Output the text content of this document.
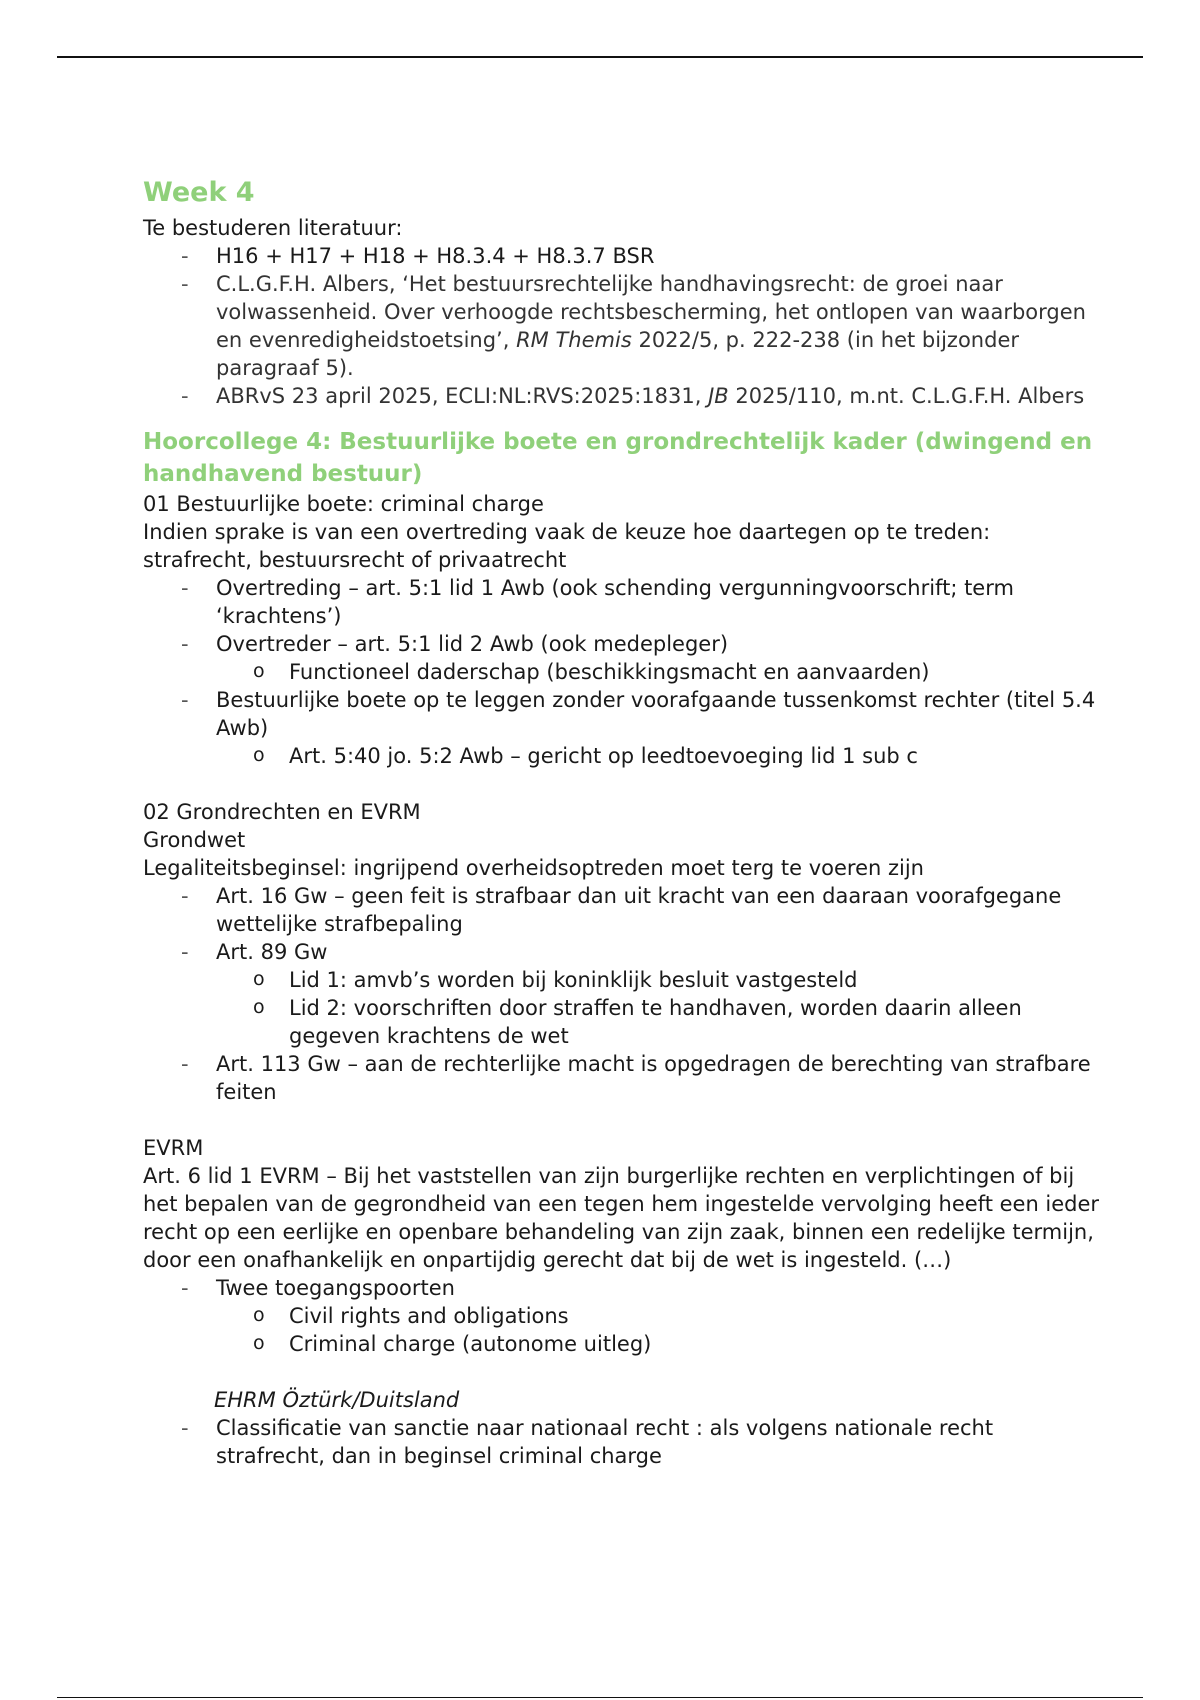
Week 4
Te bestuderen literatuur:
- H16 + H17 + H18 + H8.3.4 + H8.3.7 BSR
- C.L.G.F.H. Albers, ‘Het bestuursrechtelijke handhavingsrecht: de groei naar volwassenheid. Over verhoogde rechtsbescherming, het ontlopen van waarborgen en evenredigheidstoetsing’, RM Themis 2022/5, p. 222-238 (in het bijzonder paragraaf 5).
- ABRvS 23 april 2025, ECLI:NL:RVS:2025:1831, JB 2025/110, m.nt. C.L.G.F.H. Albers
Hoorcollege 4: Bestuurlijke boete en grondrechtelijk kader (dwingend en handhavend bestuur)
01 Bestuurlijke boete: criminal charge
Indien sprake is van een overtreding vaak de keuze hoe daartegen op te treden: strafrecht, bestuursrecht of privaatrecht
- Overtreding – art. 5:1 lid 1 Awb (ook schending vergunningvoorschrift; term ‘krachtens’)
- Overtreder – art. 5:1 lid 2 Awb (ook medepleger)
o Functioneel daderschap (beschikkingsmacht en aanvaarden)
- Bestuurlijke boete op te leggen zonder voorafgaande tussenkomst rechter (titel 5.4 Awb)
o Art. 5:40 jo. 5:2 Awb – gericht op leedtoevoeging lid 1 sub c
02 Grondrechten en EVRM
Grondwet
Legaliteitsbeginsel: ingrijpend overheidsoptreden moet terg te voeren zijn
- Art. 16 Gw – geen feit is strafbaar dan uit kracht van een daaraan voorafgegane wettelijke strafbepaling
- Art. 89 Gw
o Lid 1: amvb’s worden bij koninklijk besluit vastgesteld
o Lid 2: voorschriften door straffen te handhaven, worden daarin alleen gegeven krachtens de wet
- Art. 113 Gw – aan de rechterlijke macht is opgedragen de berechting van strafbare feiten
EVRM
Art. 6 lid 1 EVRM – Bij het vaststellen van zijn burgerlijke rechten en verplichtingen of bij het bepalen van de gegrondheid van een tegen hem ingestelde vervolging heeft een ieder recht op een eerlijke en openbare behandeling van zijn zaak, binnen een redelijke termijn, door een onafhankelijk en onpartijdig gerecht dat bij de wet is ingesteld. (…)
- Twee toegangspoorten
o Civil rights and obligations
o Criminal charge (autonome uitleg)
EHRM Öztürk/Duitsland
- Classificatie van sanctie naar nationaal recht : als volgens nationale recht strafrecht, dan in beginsel criminal charge
